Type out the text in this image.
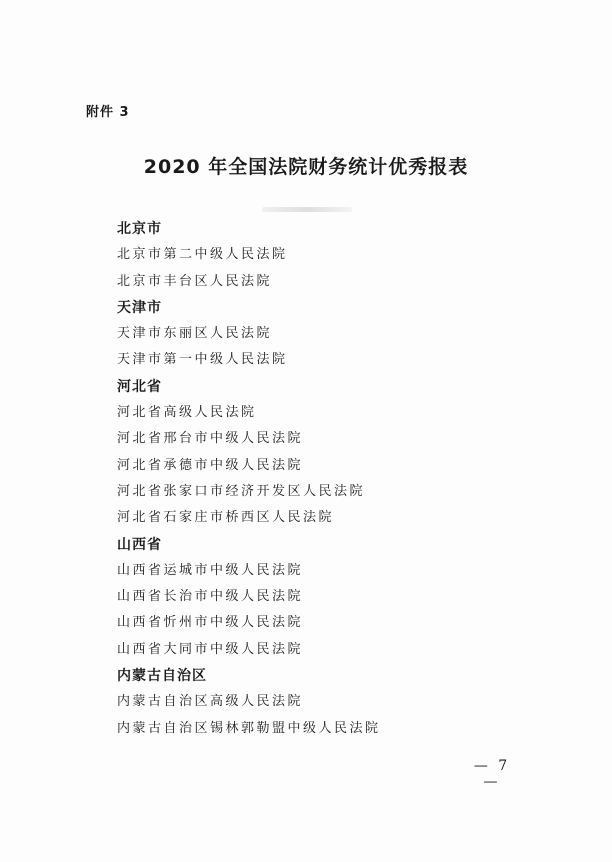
附件 3
2020 年全国法院财务统计优秀报表
北京市
北京市第二中级人民法院
北京市丰台区人民法院
天津市
天津市东丽区人民法院
天津市第一中级人民法院
河北省
河北省高级人民法院
河北省邢台市中级人民法院
河北省承德市中级人民法院
河北省张家口市经济开发区人民法院
河北省石家庄市桥西区人民法院
山西省
山西省运城市中级人民法院
山西省长治市中级人民法院
山西省忻州市中级人民法院
山西省大同市中级人民法院
内蒙古自治区
内蒙古自治区高级人民法院
内蒙古自治区锡林郭勒盟中级人民法院
— 7 —
